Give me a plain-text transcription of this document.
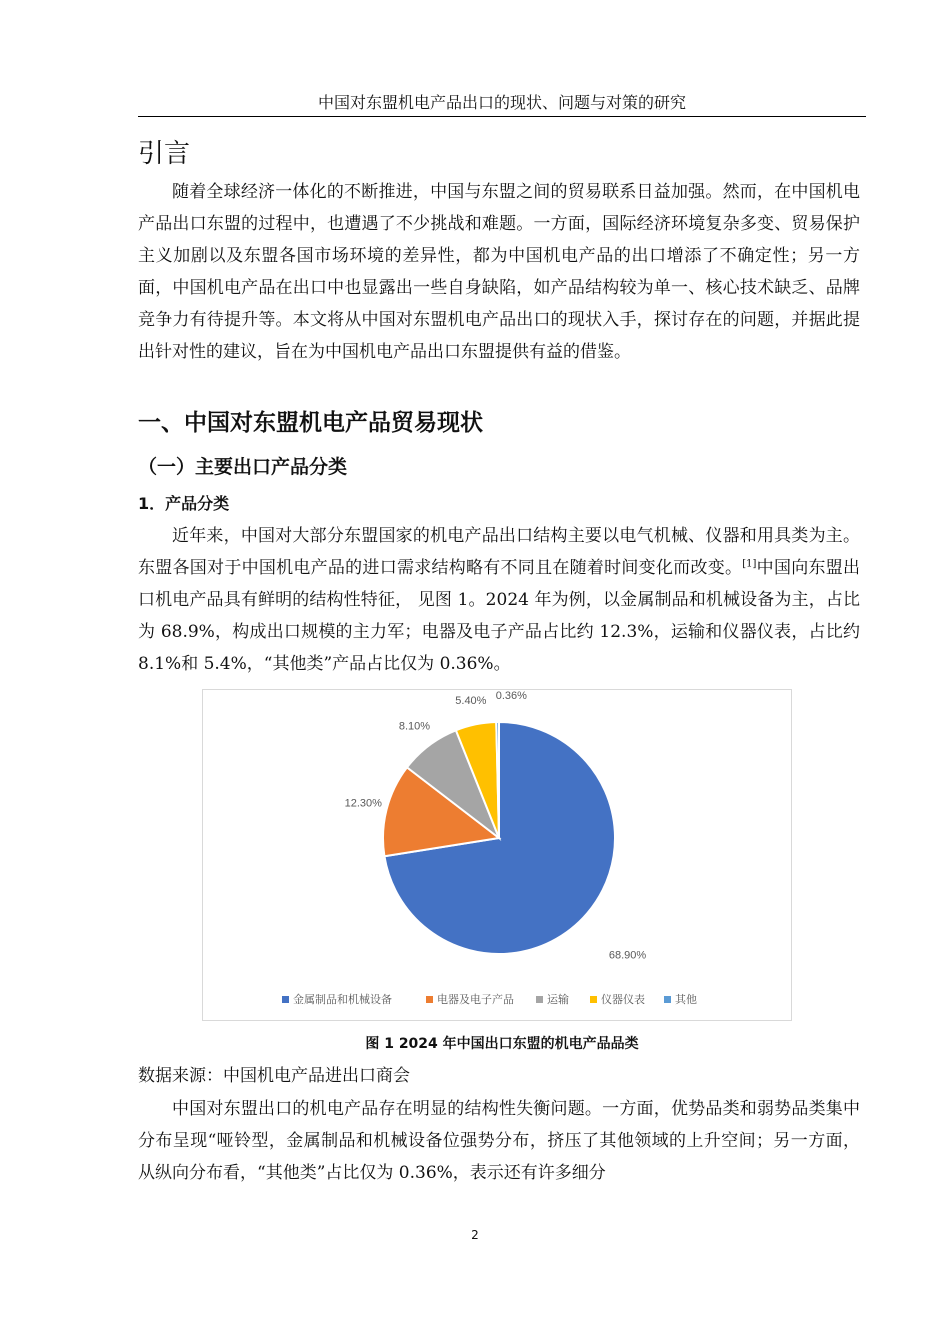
中国对东盟机电产品出口的现状、问题与对策的研究
引言

随着全球经济一体化的不断推进，中国与东盟之间的贸易联系日益加强。然而，在中国机电产品出口东盟的过程中，也遭遇了不少挑战和难题。一方面，国际经济环境复杂多变、贸易保护主义加剧以及东盟各国市场环境的差异性，都为中国机电产品的出口增添了不确定性；另一方面，中国机电产品在出口中也显露出一些自身缺陷，如产品结构较为单一、核心技术缺乏、品牌竞争力有待提升等。本文将从中国对东盟机电产品出口的现状入手，探讨存在的问题，并据此提出针对性的建议，旨在为中国机电产品出口东盟提供有益的借鉴。

一、中国对东盟机电产品贸易现状
（一）主要出口产品分类
1．产品分类

近年来，中国对大部分东盟国家的机电产品出口结构主要以电气机械、仪器和用具类为主。东盟各国对于中国机电产品的进口需求结构略有不同且在随着时间变化而改变。[1]中国向东盟出口机电产品具有鲜明的结构性特征， 见图 1。2024 年为例，以金属制品和机械设备为主，占比为 68.9%，构成出口规模的主力军；电器及电子产品占比约 12.3%，运输和仪器仪表，占比约 8.1%和 5.4%，“其他类”产品占比仅为 0.36%。

68.90%
12.30%
8.10%
5.40% 0.36%
金属制品和机械设备	电器及电子产品	运输	仪器仪表	其他
图 1 2024 年中国出口东盟的机电产品品类
数据来源：中国机电产品进出口商会

中国对东盟出口的机电产品存在明显的结构性失衡问题。一方面，优势品类和弱势品类集中分布呈现“哑铃型，金属制品和机械设备位强势分布，挤压了其他领域的上升空间；另一方面，从纵向分布看，“其他类”占比仅为 0.36%，表示还有许多细分

2
